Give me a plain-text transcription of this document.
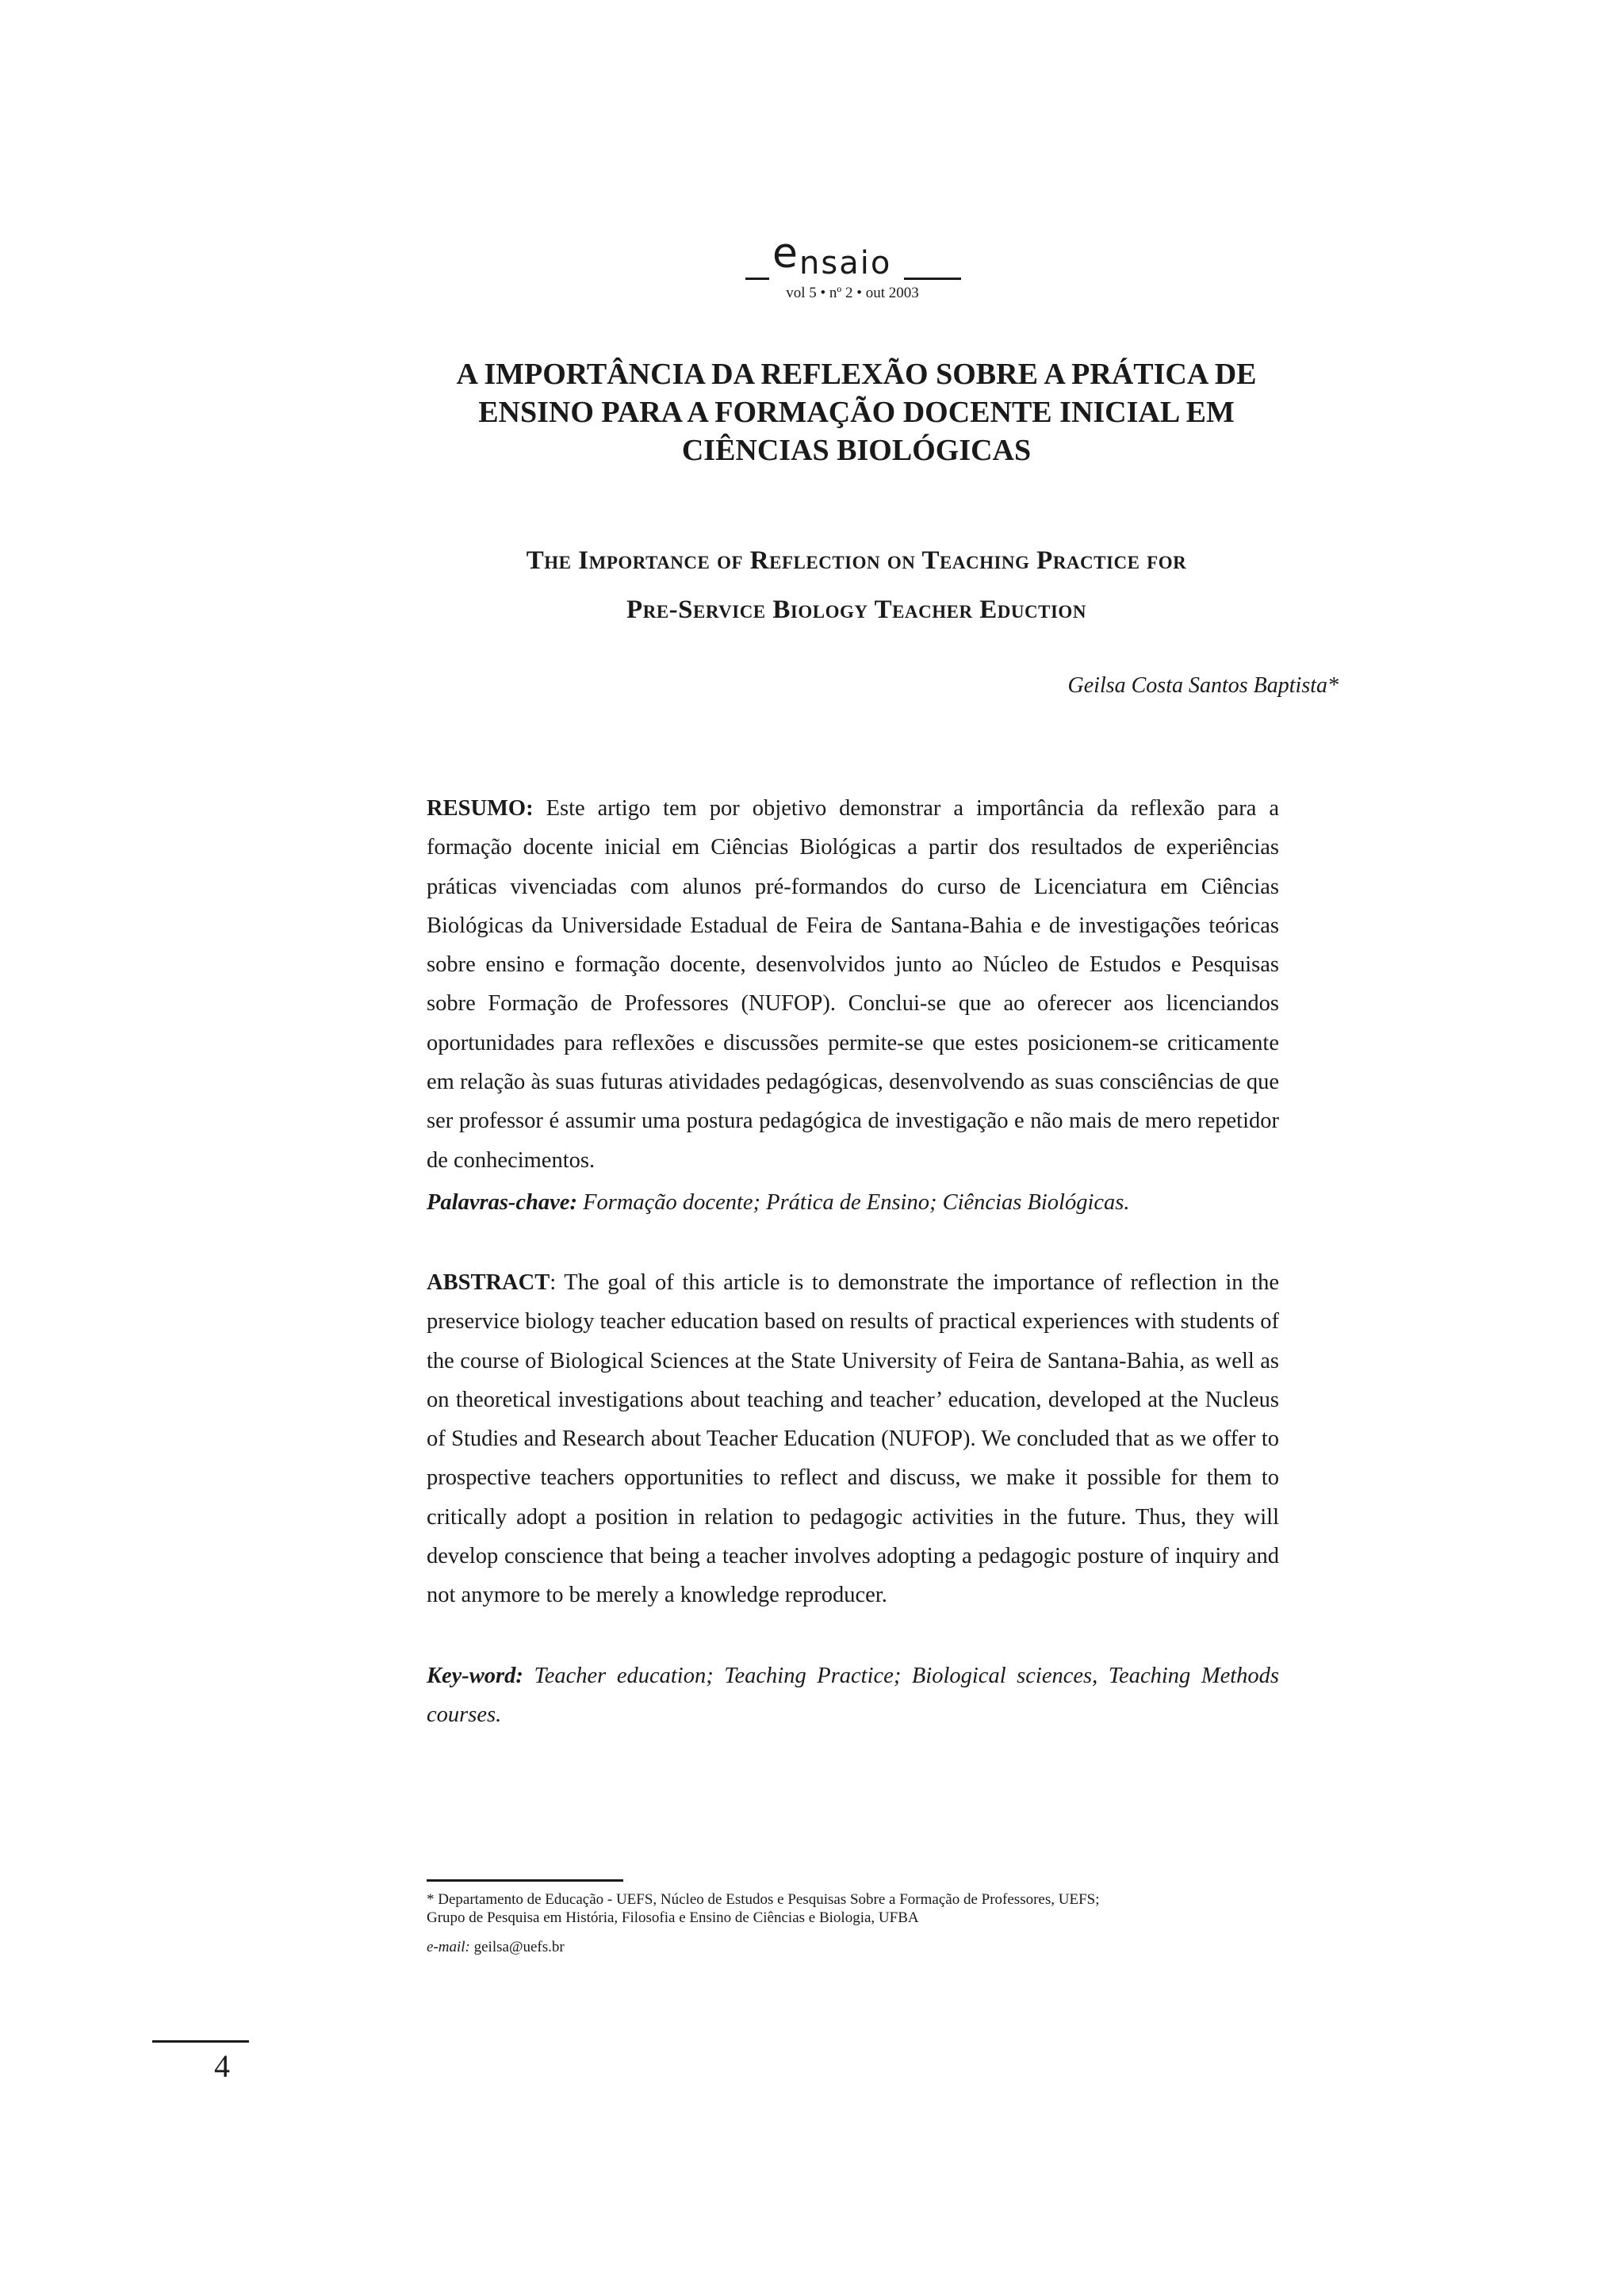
ensaio
vol 5 • nº 2 • out 2003
A IMPORTÂNCIA DA REFLEXÃO SOBRE A PRÁTICA DE
ENSINO PARA A FORMAÇÃO DOCENTE INICIAL EM
CIÊNCIAS BIOLÓGICAS
The Importance of Reflection on Teaching Practice for
Pre-Service Biology Teacher Eduction
Geilsa Costa Santos Baptista*
RESUMO: Este artigo tem por objetivo demonstrar a importância da reflexão para a formação docente inicial em Ciências Biológicas a partir dos resultados de experiências práticas vivenciadas com alunos pré-formandos do curso de Licenciatura em Ciências Biológicas da Universidade Estadual de Feira de Santana-Bahia e de investigações teóricas sobre ensino e formação docente, desenvolvidos junto ao Núcleo de Estudos e Pesquisas sobre Formação de Professores (NUFOP). Conclui-se que ao oferecer aos licenciandos oportunidades para reflexões e discussões permite-se que estes posicionem-se criticamente em relação às suas futuras atividades pedagógicas, desenvolvendo as suas consciências de que ser professor é assumir uma postura pedagógica de investigação e não mais de mero repetidor de conhecimentos.
Palavras-chave: Formação docente; Prática de Ensino; Ciências Biológicas.
ABSTRACT: The goal of this article is to demonstrate the importance of reflection in the preservice biology teacher education based on results of practical experiences with students of the course of Biological Sciences at the State University of Feira de Santana-Bahia, as well as on theoretical investigations about teaching and teacher’ education, developed at the Nucleus of Studies and Research about Teacher Education (NUFOP). We concluded that as we offer to prospective teachers opportunities to reflect and discuss, we make it possible for them to critically adopt a position in relation to pedagogic activities in the future. Thus, they will develop conscience that being a teacher involves adopting a pedagogic posture of inquiry and not anymore to be merely a knowledge reproducer.
Key-word: Teacher education; Teaching Practice; Biological sciences, Teaching Methods courses.
* Departamento de Educação - UEFS, Núcleo de Estudos e Pesquisas Sobre a Formação de Professores, UEFS;
Grupo de Pesquisa em História, Filosofia e Ensino de Ciências e Biologia, UFBA
e-mail: geilsa@uefs.br
4
